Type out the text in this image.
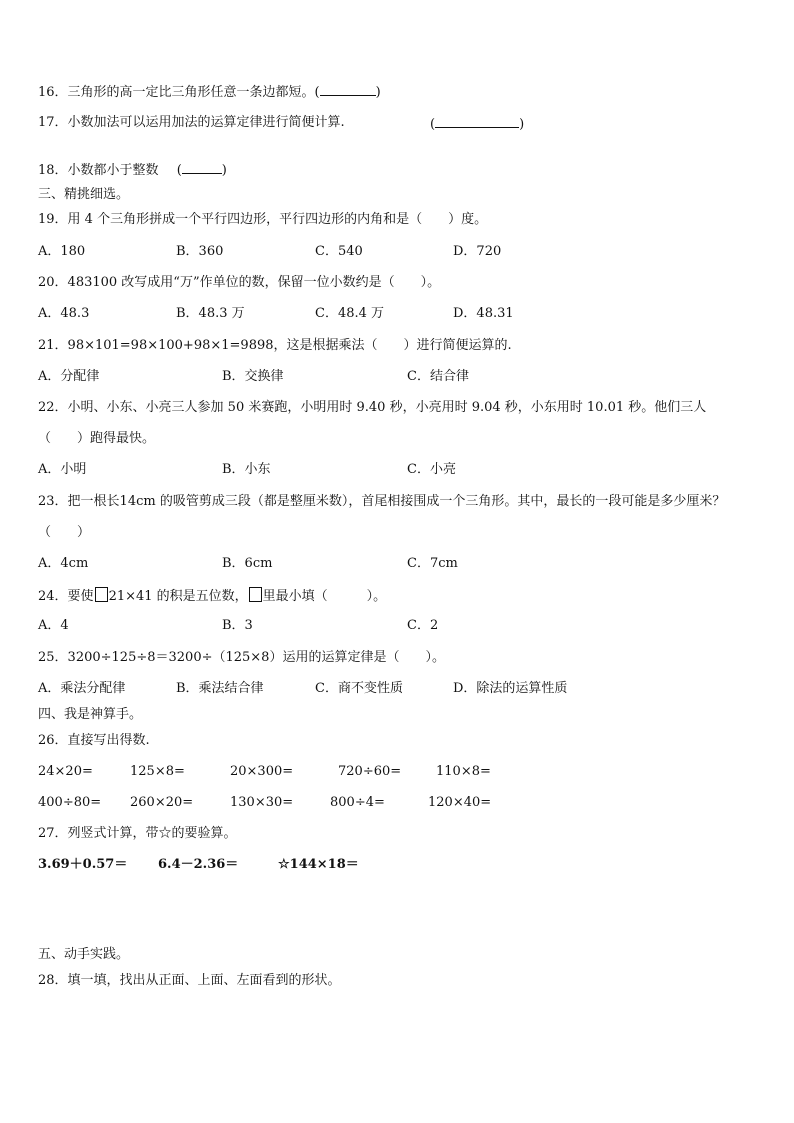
16．三角形的高一定比三角形任意一条边都短。(	)
17．小数加法可以运用加法的运算定律进行简便计算.	(	)
18．小数都小于整数 (	)
三、精挑细选。
19．用 4 个三角形拼成一个平行四边形，平行四边形的内角和是（　　）度。
A．180	B．360	C．540	D．720
20．483100 改写成用“万”作单位的数，保留一位小数约是（　　）。
A．48.3	B．48.3 万	C．48.4 万	D．48.31
21．98×101=98×100+98×1=9898，这是根据乘法（　　）进行简便运算的.
A．分配律	B．交换律	C．结合律
22．小明、小东、小亮三人参加 50 米赛跑，小明用时 9.40 秒，小亮用时 9.04 秒，小东用时 10.01 秒。他们三人
（　　）跑得最快。
A．小明	B．小东	C．小亮
23．把一根长14cm 的吸管剪成三段（都是整厘米数），首尾相接围成一个三角形。其中，最长的一段可能是多少厘米？
（　　）
A．4cm	B．6cm	C．7cm
24．要使 21×41 的积是五位数， 里最小填（　　　）。
A．4	B．3	C．2
25．3200÷125÷8＝3200÷（125×8）运用的运算定律是（　　）。
A．乘法分配律	B．乘法结合律	C．商不变性质	D．除法的运算性质
四、我是神算手。
26．直接写出得数.
24×20=	125×8=	20×300=	720÷60=	110×8=
400÷80= 260×20=	130×30=	800÷4=	120×40=
27．列竖式计算，带☆的要验算。
3.69＋0.57＝ 6.4－2.36＝	☆144×18＝
五、动手实践。
28．填一填，找出从正面、上面、左面看到的形状。
